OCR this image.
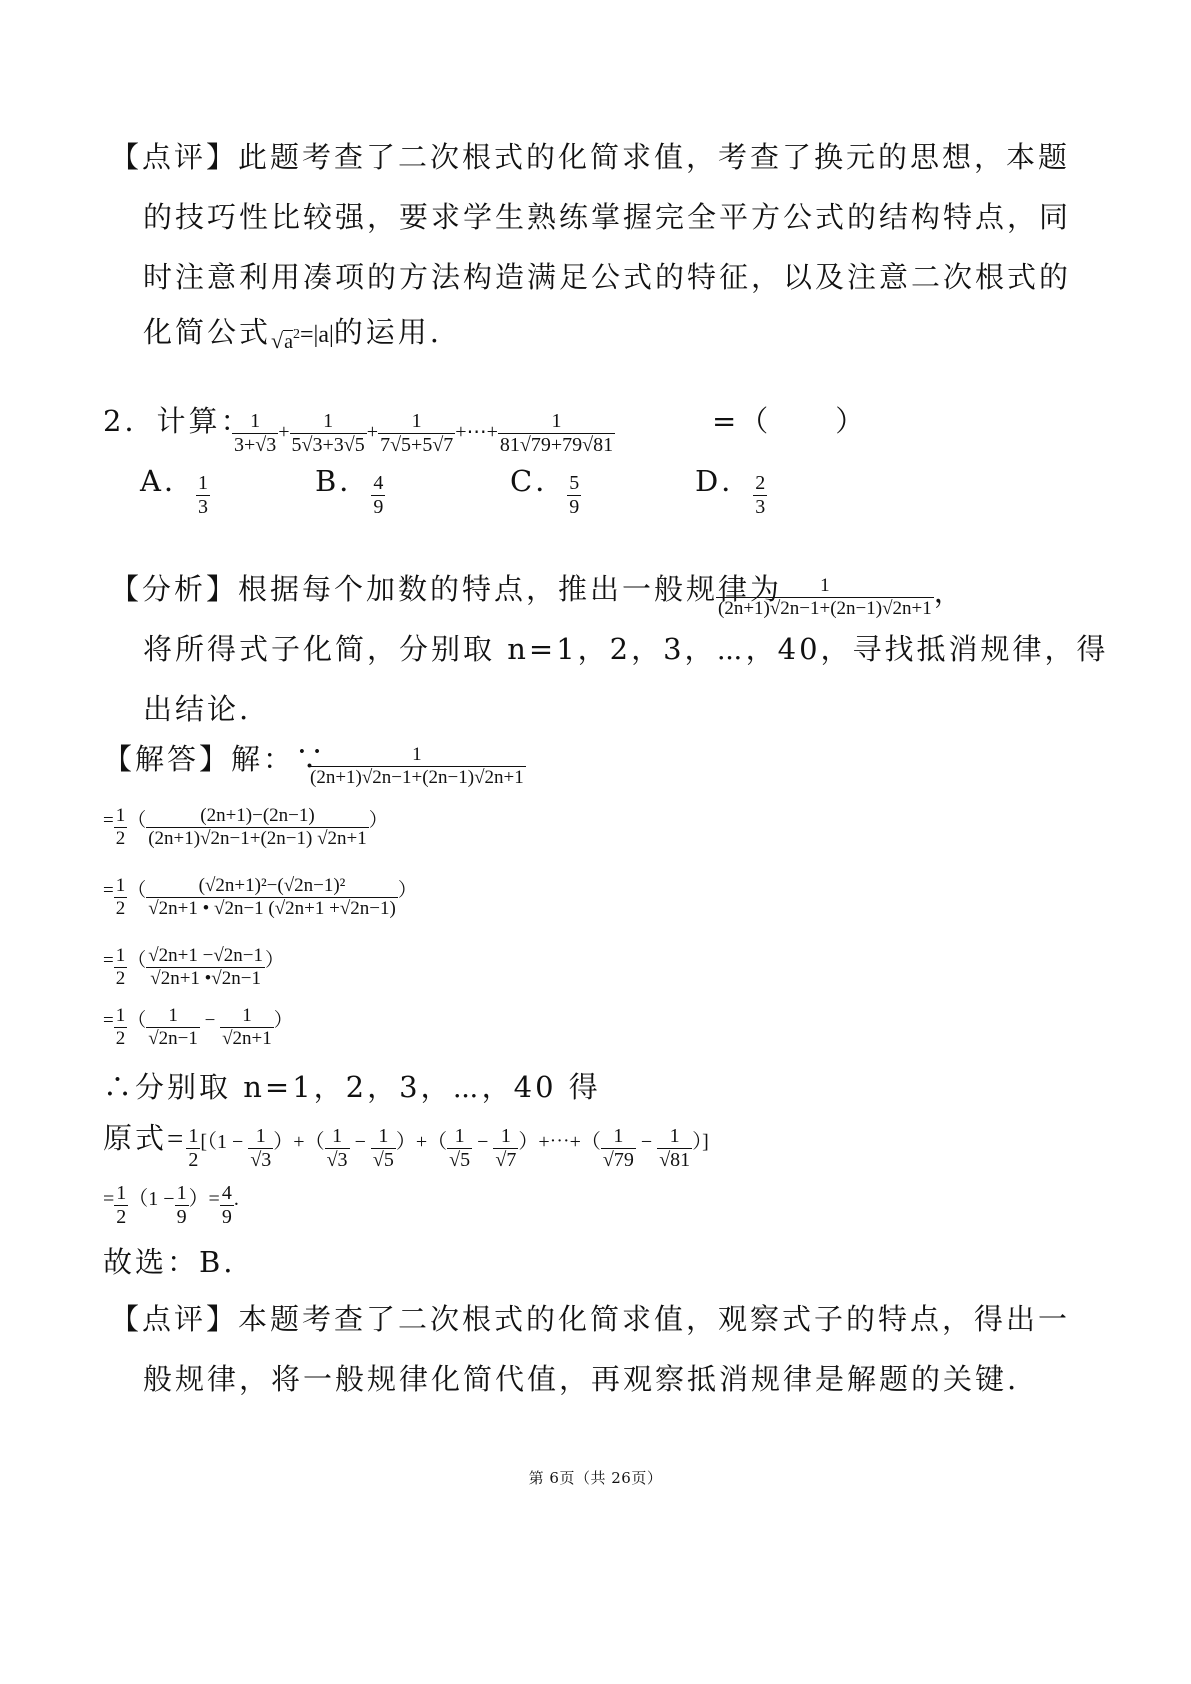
【点评】此题考查了二次根式的化简求值，考查了换元的思想，本题
的技巧性比较强，要求学生熟练掌握完全平方公式的结构特点，同
时注意利用凑项的方法构造满足公式的特征，以及注意二次根式的
化简公式$√_a^2=|a|$的运用.
2．计算：
$\frac{1}{3+√3} + \frac{1}{5√3+3√5} + \frac{1}{7√5+5√7}$ +⋯+ $\frac{1}{81√79+79√81}$	=（　　）
A． $\frac{1}{3}$	B． $\frac{4}{9}$	C． $\frac{5}{9}$	D． $\frac{2}{3}$
【分析】根据每个加数的特点，推出一般规律为
$\frac{1}{(2n+1)√2n-1+(2n-1)√2n+1}$ ，
将所得式子化简，分别取 n=1，2，3，⋯，40，寻找抵消规律，得
出结论.
【解答】解：∵
$\frac{1}{(2n+1)√2n-1+(2n-1)√2n+1}$
= $\frac{1}{2}$ （ $\frac{(2n+1)-(2n-1)}{(2n+1)√2n-1+(2n-1) √2n+1}$ ）
= $\frac{1}{2}$ （ $\frac{\text{(√2n+1)²−(√2n−1)²}}{√2n+1 • √2n-1 (√2n+1 +√2n-1)}$ ）
= $\frac{1}{2}$ （ $\frac{√2n+1 -√2n-1}{√2n+1 •√2n-1}$ ）
= $\frac{1}{2}$ （ $\frac{1}{√2n-1} - \frac{1}{√2n+1}$ ）
∴分别取 n=1，2，3，⋯，40 得
原式= $\frac{1}{2} [(1 - \frac{1}{√3}$ ）+（ $\frac{1}{√3} - \frac{1}{√5}$ ）+（ $\frac{1}{√5} - \frac{1}{√7}$ ）+⋯+（ $\frac{1}{√79} - \frac{1}{√81}$ ）]
= $\frac{1}{2} (1 - \frac{1}{9}$ ）= $\frac{4}{9}$ .
故选：B.
【点评】本题考查了二次根式的化简求值，观察式子的特点，得出一
般规律，将一般规律化简代值，再观察抵消规律是解题的关键.
第 6页（共 26页）
